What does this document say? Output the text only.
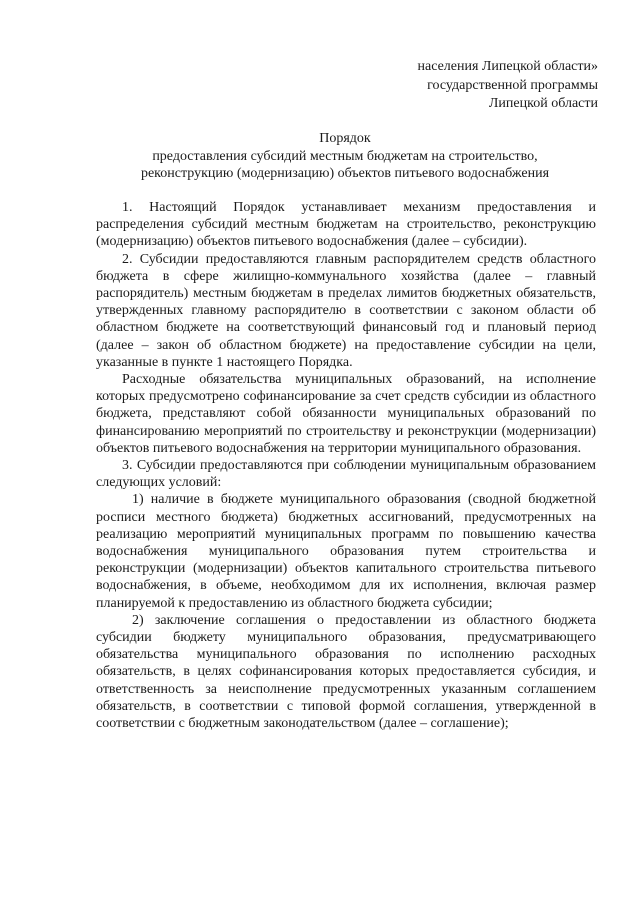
населения Липецкой области»
государственной программы
Липецкой области
Порядок
предоставления субсидий местным бюджетам на строительство,
реконструкцию (модернизацию) объектов питьевого водоснабжения

1. Настоящий Порядок устанавливает механизм предоставления и распределения субсидий местным бюджетам на строительство, реконструкцию (модернизацию) объектов питьевого водоснабжения (далее – субсидии).

2. Субсидии предоставляются главным распорядителем средств областного бюджета в сфере жилищно-коммунального хозяйства (далее – главный распорядитель) местным бюджетам в пределах лимитов бюджетных обязательств, утвержденных главному распорядителю в соответствии с законом области об областном бюджете на соответствующий финансовый год и плановый период (далее – закон об областном бюджете) на предоставление субсидии на цели, указанные в пункте 1 настоящего Порядка.

Расходные обязательства муниципальных образований, на исполнение которых предусмотрено софинансирование за счет средств субсидии из областного бюджета, представляют собой обязанности муниципальных образований по финансированию мероприятий по строительству и реконструкции (модернизации) объектов питьевого водоснабжения на территории муниципального образования.

3. Субсидии предоставляются при соблюдении муниципальным образованием следующих условий:

1) наличие в бюджете муниципального образования (сводной бюджетной росписи местного бюджета) бюджетных ассигнований, предусмотренных на реализацию мероприятий муниципальных программ по повышению качества водоснабжения муниципального образования путем строительства и реконструкции (модернизации) объектов капитального строительства питьевого водоснабжения, в объеме, необходимом для их исполнения, включая размер планируемой к предоставлению из областного бюджета субсидии;

2) заключение соглашения о предоставлении из областного бюджета субсидии бюджету муниципального образования, предусматривающего обязательства муниципального образования по исполнению расходных обязательств, в целях софинансирования которых предоставляется субсидия, и ответственность за неисполнение предусмотренных указанным соглашением обязательств, в соответствии с типовой формой соглашения, утвержденной в соответствии с бюджетным законодательством (далее – соглашение);
